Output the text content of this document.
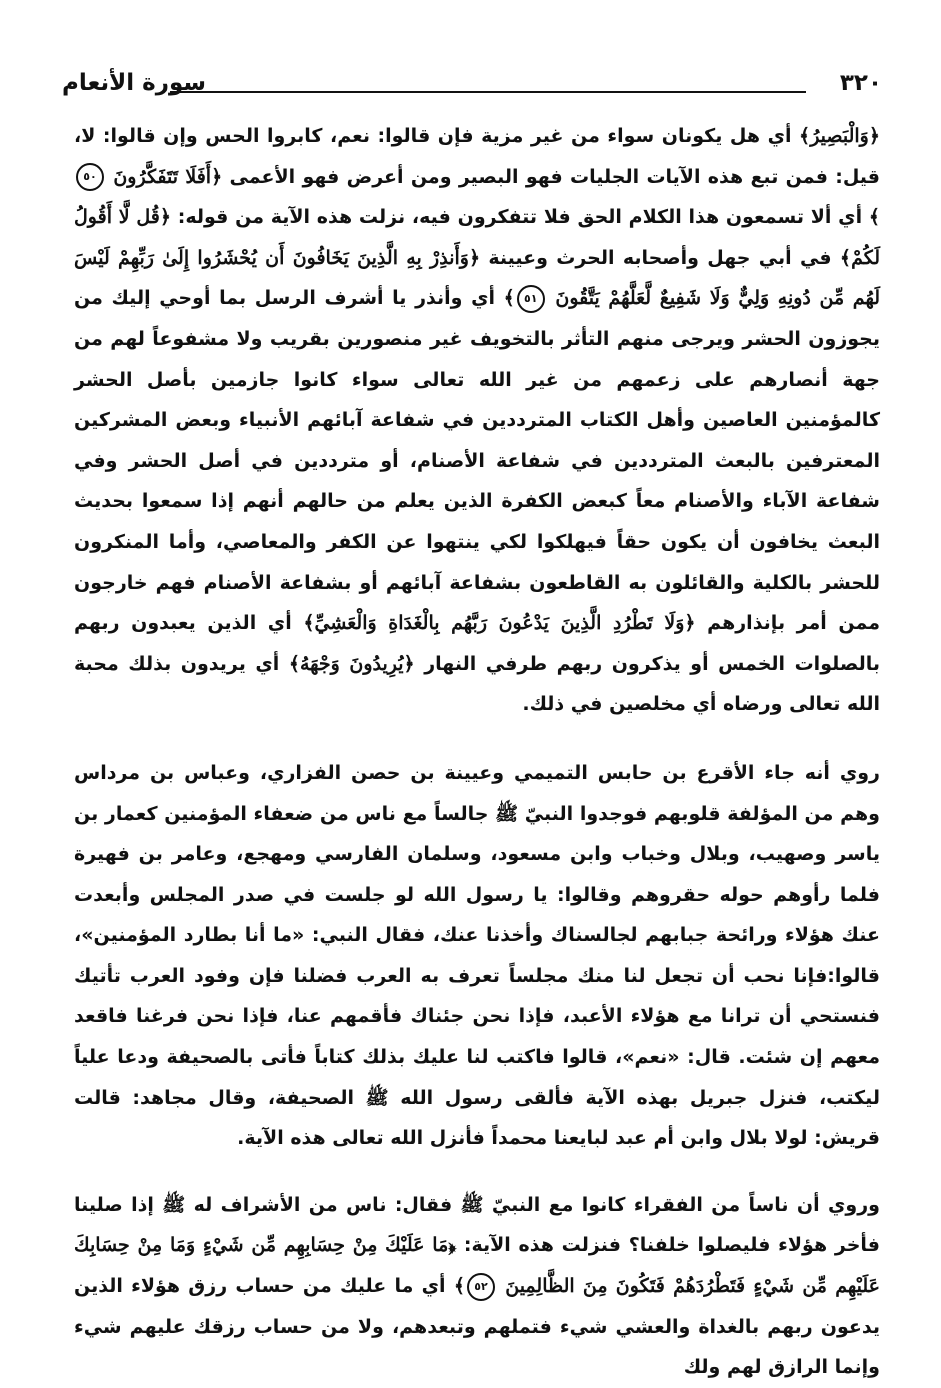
٣٢٠
سورة الأنعام

﴿وَالْبَصِيرُ﴾ أي هل يكونان سواء من غير مزية فإن قالوا: نعم، كابروا الحس وإن قالوا: لا، قيل: فمن تبع هذه الآيات الجليات فهو البصير ومن أعرض فهو الأعمى ﴿أَفَلَا تَتَفَكَّرُونَ ٥٠﴾ أي ألا تسمعون هذا الكلام الحق فلا تتفكرون فيه، نزلت هذه الآية من قوله: ﴿قُل لَّا أَقُولُ لَكُمْ﴾ في أبي جهل وأصحابه الحرث وعيينة ﴿وَأَنذِرْ بِهِ الَّذِينَ يَخَافُونَ أَن يُحْشَرُوا إِلَىٰ رَبِّهِمْ لَيْسَ لَهُم مِّن دُونِهِ وَلِيٌّ وَلَا شَفِيعٌ لَّعَلَّهُمْ يَتَّقُونَ ٥١﴾ أي وأنذر يا أشرف الرسل بما أوحي إليك من يجوزون الحشر ويرجى منهم التأثر بالتخويف غير منصورين بقريب ولا مشفوعاً لهم من جهة أنصارهم على زعمهم من غير الله تعالى سواء كانوا جازمين بأصل الحشر كالمؤمنين العاصين وأهل الكتاب المترددين في شفاعة آبائهم الأنبياء وبعض المشركين المعترفين بالبعث المترددين في شفاعة الأصنام، أو مترددين في أصل الحشر وفي شفاعة الآباء والأصنام معاً كبعض الكفرة الذين يعلم من حالهم أنهم إذا سمعوا بحديث البعث يخافون أن يكون حقاً فيهلكوا لكي ينتهوا عن الكفر والمعاصي، وأما المنكرون للحشر بالكلية والقائلون به القاطعون بشفاعة آبائهم أو بشفاعة الأصنام فهم خارجون ممن أمر بإنذارهم ﴿وَلَا تَطْرُدِ الَّذِينَ يَدْعُونَ رَبَّهُم بِالْغَدَاةِ وَالْعَشِيِّ﴾ أي الذين يعبدون ربهم بالصلوات الخمس أو يذكرون ربهم طرفي النهار ﴿يُرِيدُونَ وَجْهَهُ﴾ أي يريدون بذلك محبة الله تعالى ورضاه أي مخلصين في ذلك.

روي أنه جاء الأقرع بن حابس التميمي وعيينة بن حصن الفزاري، وعباس بن مرداس وهم من المؤلفة قلوبهم فوجدوا النبيّ ﷺ جالساً مع ناس من ضعفاء المؤمنين كعمار بن ياسر وصهيب، وبلال وخباب وابن مسعود، وسلمان الفارسي ومهجع، وعامر بن فهيرة فلما رأوهم حوله حقروهم وقالوا: يا رسول الله لو جلست في صدر المجلس وأبعدت عنك هؤلاء ورائحة جبابهم لجالسناك وأخذنا عنك، فقال النبي: «ما أنا بطارد المؤمنين»، قالوا:فإنا نحب أن تجعل لنا منك مجلساً تعرف به العرب فضلنا فإن وفود العرب تأتيك فنستحي أن ترانا مع هؤلاء الأعبد، فإذا نحن جئناك فأقمهم عنا، فإذا نحن فرغنا فاقعد معهم إن شئت. قال: «نعم»، قالوا فاكتب لنا عليك بذلك كتاباً فأتى بالصحيفة ودعا علياً ليكتب، فنزل جبريل بهذه الآية فألقى رسول الله ﷺ الصحيفة، وقال مجاهد: قالت قريش: لولا بلال وابن أم عبد لبايعنا محمداً فأنزل الله تعالى هذه الآية.

وروي أن ناساً من الفقراء كانوا مع النبيّ ﷺ فقال: ناس من الأشراف له ﷺ إذا صلينا فأخر هؤلاء فليصلوا خلفنا؟ فنزلت هذه الآية: ﴿مَا عَلَيْكَ مِنْ حِسَابِهِم مِّن شَيْءٍ وَمَا مِنْ حِسَابِكَ عَلَيْهِم مِّن شَيْءٍ فَتَطْرُدَهُمْ فَتَكُونَ مِنَ الظَّالِمِينَ ٥٢﴾ أي ما عليك من حساب رزق هؤلاء الذين يدعون ربهم بالغداة والعشي شيء فتملهم وتبعدهم، ولا من حساب رزقك عليهم شيء وإنما الرازق لهم ولك
